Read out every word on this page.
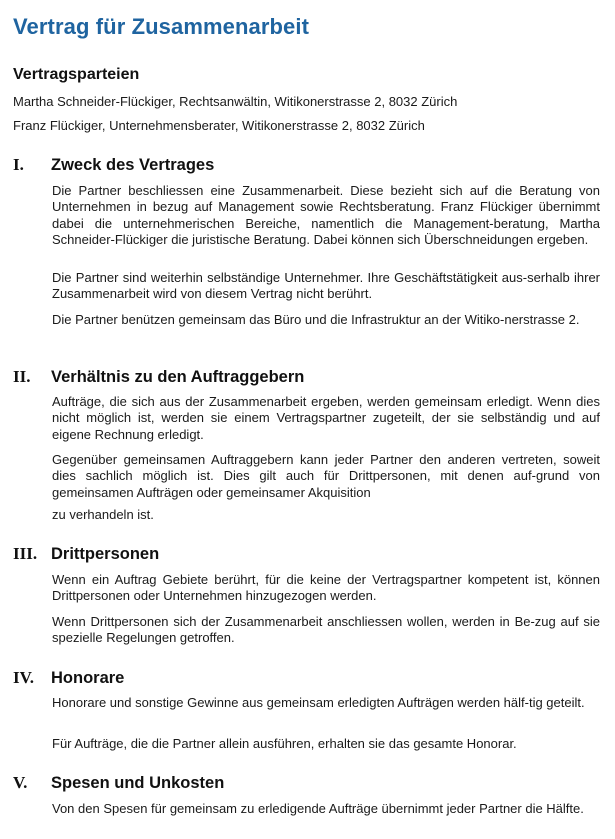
Vertrag für Zusammenarbeit
Vertragsparteien

Martha Schneider-Flückiger, Rechtsanwältin, Witikonerstrasse 2, 8032 Zürich

Franz Flückiger, Unternehmensberater, Witikonerstrasse 2, 8032 Zürich

I. Zweck des Vertrages

Die Partner beschliessen eine Zusammenarbeit. Diese bezieht sich auf die Beratung von Unternehmen in bezug auf Management sowie Rechtsberatung. Franz Flückiger übernimmt dabei die unternehmerischen Bereiche, namentlich die Management-beratung, Martha Schneider-Flückiger die juristische Beratung. Dabei können sich Überschneidungen ergeben.

Die Partner sind weiterhin selbständige Unternehmer. Ihre Geschäftstätigkeit aus-serhalb ihrer Zusammenarbeit wird von diesem Vertrag nicht berührt.

Die Partner benützen gemeinsam das Büro und die Infrastruktur an der Witiko-nerstrasse 2.

II. Verhältnis zu den Auftraggebern

Aufträge, die sich aus der Zusammenarbeit ergeben, werden gemeinsam erledigt. Wenn dies nicht möglich ist, werden sie einem Vertragspartner zugeteilt, der sie selbständig und auf eigene Rechnung erledigt.

Gegenüber gemeinsamen Auftraggebern kann jeder Partner den anderen vertreten, soweit dies sachlich möglich ist. Dies gilt auch für Drittpersonen, mit denen auf-grund von gemeinsamen Aufträgen oder gemeinsamer Akquisition

zu verhandeln ist.

III. Drittpersonen

Wenn ein Auftrag Gebiete berührt, für die keine der Vertragspartner kompetent ist, können Drittpersonen oder Unternehmen hinzugezogen werden.

Wenn Drittpersonen sich der Zusammenarbeit anschliessen wollen, werden in Be-zug auf sie spezielle Regelungen getroffen.

IV. Honorare

Honorare und sonstige Gewinne aus gemeinsam erledigten Aufträgen werden hälf-tig geteilt.

Für Aufträge, die die Partner allein ausführen, erhalten sie das gesamte Honorar.

V. Spesen und Unkosten

Von den Spesen für gemeinsam zu erledigende Aufträge übernimmt jeder Partner die Hälfte.
